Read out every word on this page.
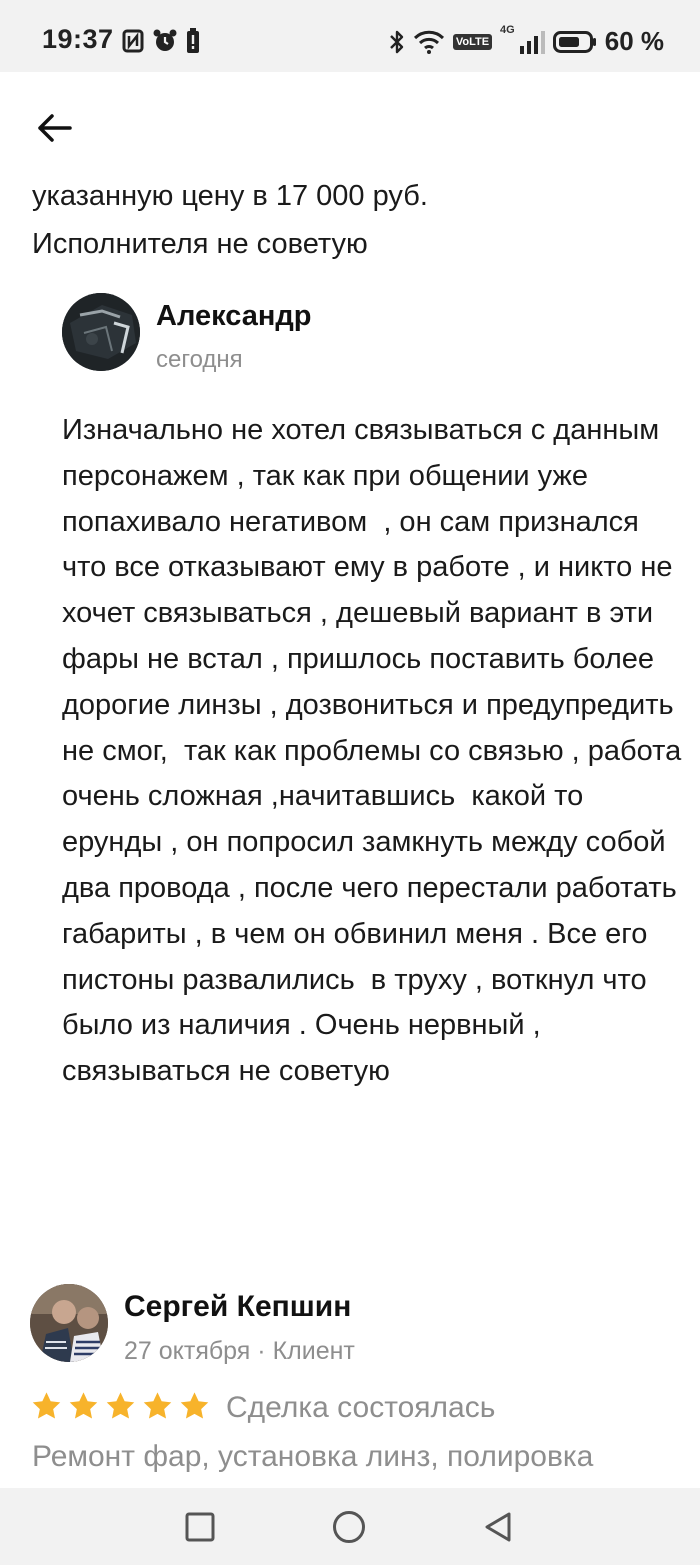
19:37	VoLTE
4G	60 %
указанную цену в 17 000 руб.
Исполнителя не советую
Александр
сегодня
Изначально не хотел связываться с данным персонажем , так как при общении уже попахивало негативом  , он сам признался что все отказывают ему в работе , и никто не хочет связываться , дешевый вариант в эти фары не встал , пришлось поставить более дорогие линзы , дозвониться и предупредить  не смог,  так как проблемы со связью , работа очень сложная ,начитавшись  какой то ерунды , он попросил замкнуть между собой два провода , после чего перестали работать габариты , в чем он обвинил меня . Все его пистоны развалились  в труху , воткнул что было из наличия . Очень нервный , связываться не советую
Сергей Кепшин
27 октября · Клиент
Сделка состоялась
Ремонт фар, установка линз, полировка
